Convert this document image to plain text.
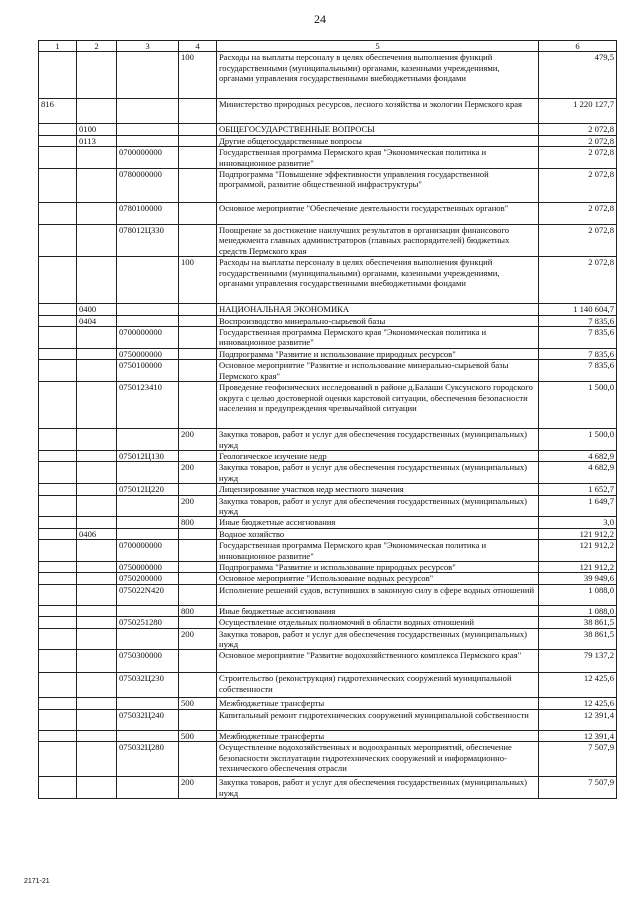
24
1	2	3	4	5	6
			100	Расходы на выплаты персоналу в целях обеспечения выполнения функций государственными (муниципальными) органами, казенными учреждениями, органами управления государственными внебюджетными фондами	479,5
816				Министерство природных ресурсов, лесного хозяйства и экологии Пермского края	1 220 127,7
	0100			ОБЩЕГОСУДАРСТВЕННЫЕ ВОПРОСЫ	2 072,8
	0113			Другие общегосударственные вопросы	2 072,8
		0700000000		Государственная программа Пермского края "Экономическая политика и инновационное развитие"	2 072,8
		0780000000		Подпрограмма "Повышение эффективности управления государственной программой, развитие общественной инфраструктуры"	2 072,8
		0780100000		Основное мероприятие "Обеспечение деятельности государственных органов"	2 072,8
		078012Ц330		Поощрение за достижение наилучших результатов в организации финансового менеджмента главных администраторов (главных распорядителей) бюджетных средств Пермского края	2 072,8
			100	Расходы на выплаты персоналу в целях обеспечения выполнения функций государственными (муниципальными) органами, казенными учреждениями, органами управления государственными внебюджетными фондами	2 072,8
	0400			НАЦИОНАЛЬНАЯ ЭКОНОМИКА	1 140 604,7
	0404			Воспроизводство минерально-сырьевой базы	7 835,6
		0700000000		Государственная программа Пермского края "Экономическая политика и инновационное развитие"	7 835,6
		0750000000		Подпрограмма "Развитие и использование природных ресурсов"	7 835,6
		0750100000		Основное мероприятие "Развитие и использование минерально-сырьевой базы Пермского края"	7 835,6
		0750123410		Проведение геофизических исследований в районе д.Балаши Суксунского городского округа с целью достоверной оценки карстовой ситуации, обеспечения безопасности населения и предупреждения чрезвычайной ситуации	1 500,0
			200	Закупка товаров, работ и услуг для обеспечения государственных (муниципальных) нужд	1 500,0
		075012Ц130		Геологическое изучение недр	4 682,9
			200	Закупка товаров, работ и услуг для обеспечения государственных (муниципальных) нужд	4 682,9
		075012Ц220		Лицензирование участков недр местного значения	1 652,7
			200	Закупка товаров, работ и услуг для обеспечения государственных (муниципальных) нужд	1 649,7
			800	Иные бюджетные ассигнования	3,0
	0406			Водное хозяйство	121 912,2
		0700000000		Государственная программа Пермского края "Экономическая политика и инновационное развитие"	121 912,2
		0750000000		Подпрограмма "Развитие и использование природных ресурсов"	121 912,2
		0750200000		Основное мероприятие "Использование водных ресурсов"	39 949,6
		075022N420		Исполнение решений судов, вступивших в законную силу в сфере водных отношений	1 088,0
			800	Иные бюджетные ассигнования	1 088,0
		0750251280		Осуществление отдельных полномочий в области водных отношений	38 861,5
			200	Закупка товаров, работ и услуг для обеспечения государственных (муниципальных) нужд	38 861,5
		0750300000		Основное мероприятие "Развитие водохозяйственного комплекса Пермского края"	79 137,2
		075032Ц230		Строительство (реконструкция) гидротехнических сооружений муниципальной собственности	12 425,6
			500	Межбюджетные трансферты	12 425,6
		075032Ц240		Капитальный ремонт гидротехнических сооружений муниципальной собственности	12 391,4
			500	Межбюджетные трансферты	12 391,4
		075032Ц280		Осуществление водохозяйственных и водоохранных мероприятий, обеспечение безопасности эксплуатации гидротехнических сооружений и информационно-технического обеспечения отрасли	7 507,9
			200	Закупка товаров, работ и услуг для обеспечения государственных (муниципальных) нужд	7 507,9
2171-21
